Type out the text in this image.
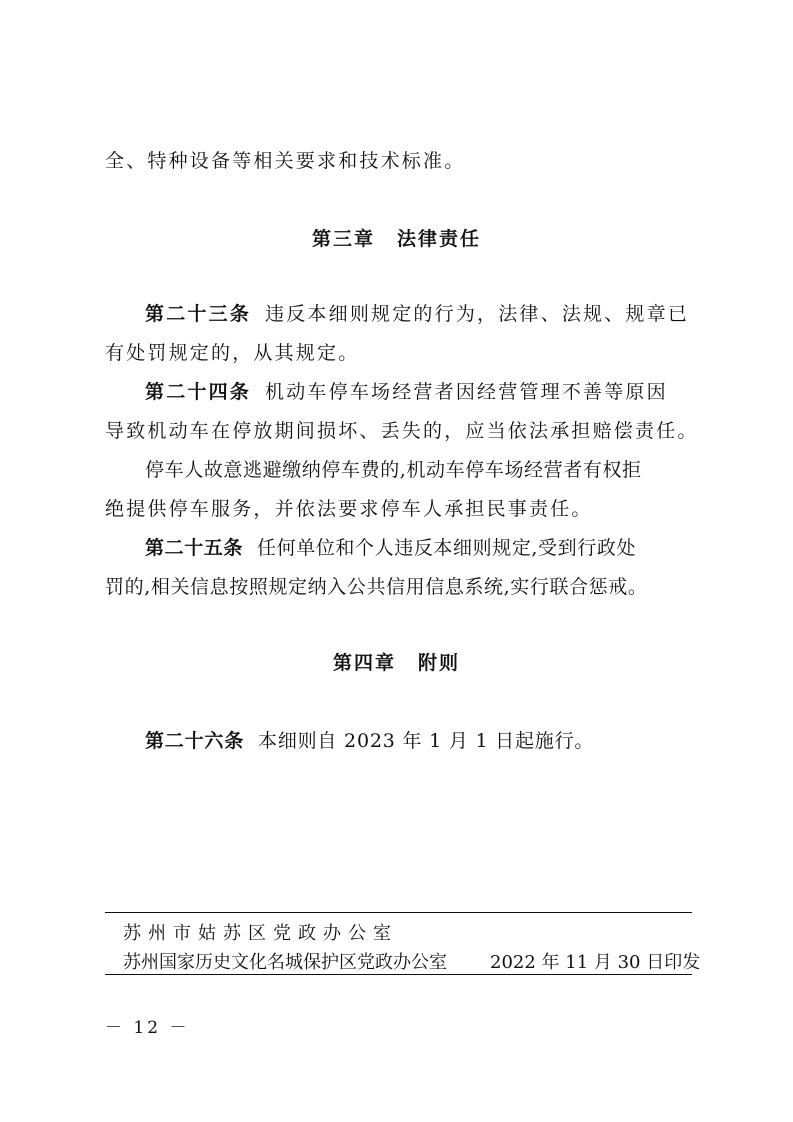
全、特种设备等相关要求和技术标准。
第三章 法律责任
第二十三条 违反本细则规定的行为，法律、法规、规章已
有处罚规定的，从其规定。
第二十四条 机动车停车场经营者因经营管理不善等原因
导致机动车在停放期间损坏、丢失的，应当依法承担赔偿责任。
停车人故意逃避缴纳停车费的,机动车停车场经营者有权拒
绝提供停车服务，并依法要求停车人承担民事责任。
第二十五条 任何单位和个人违反本细则规定,受到行政处
罚的,相关信息按照规定纳入公共信用信息系统,实行联合惩戒。
第四章 附则
第二十六条 本细则自 2023 年 1 月 1 日起施行。
苏州市姑苏区党政办公室
苏州国家历史文化名城保护区党政办公室 2022 年 11 月 30 日印发
－ 12 －
